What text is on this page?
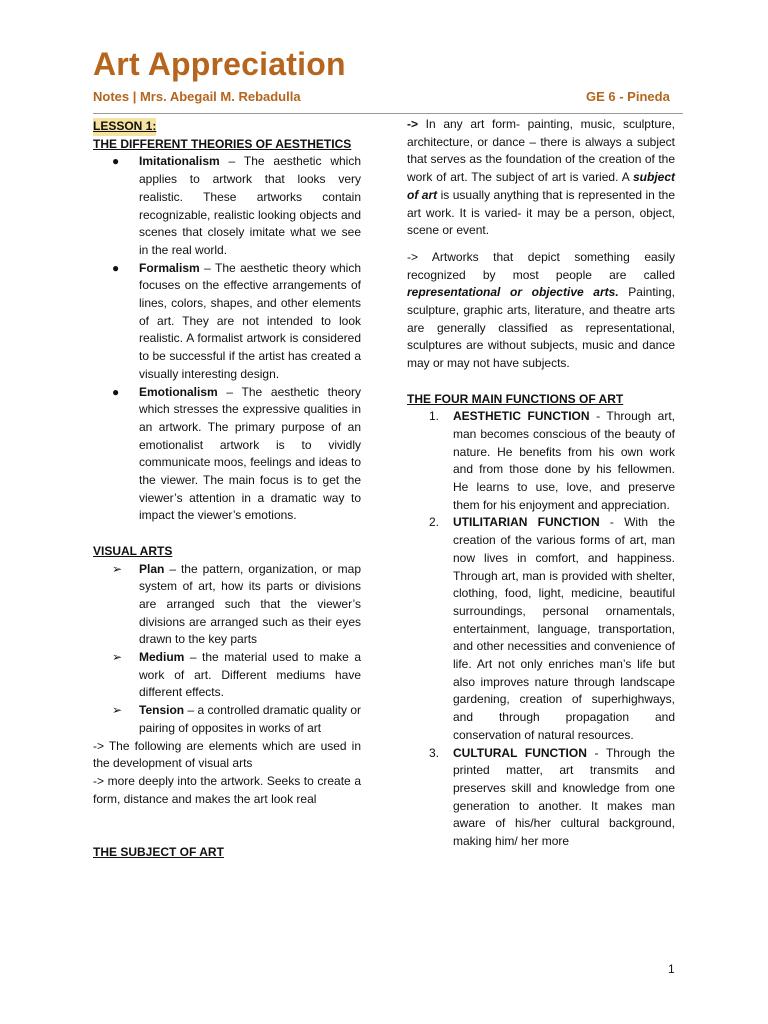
Art Appreciation
Notes | Mrs. Abegail M. Rebadulla	GE 6 - Pineda
LESSON 1:
THE DIFFERENT THEORIES OF AESTHETICS
● Imitationalism – The aesthetic which applies to artwork that looks very realistic. These artworks contain recognizable, realistic looking objects and scenes that closely imitate what we see in the real world.
● Formalism – The aesthetic theory which focuses on the effective arrangements of lines, colors, shapes, and other elements of art. They are not intended to look realistic. A formalist artwork is considered to be successful if the artist has created a visually interesting design.
● Emotionalism – The aesthetic theory which stresses the expressive qualities in an artwork. The primary purpose of an emotionalist artwork is to vividly communicate moos, feelings and ideas to the viewer. The main focus is to get the viewer’s attention in a dramatic way to impact the viewer’s emotions.
VISUAL ARTS
➢ Plan – the pattern, organization, or map system of art, how its parts or divisions are arranged such that the viewer’s divisions are arranged such as their eyes drawn to the key parts
➢ Medium – the material used to make a work of art. Different mediums have different effects.
➢ Tension – a controlled dramatic quality or pairing of opposites in works of art
-> The following are elements which are used in the development of visual arts
-> more deeply into the artwork. Seeks to create a form, distance and makes the art look real
THE SUBJECT OF ART
-> In any art form- painting, music, sculpture, architecture, or dance – there is always a subject that serves as the foundation of the creation of the work of art. The subject of art is varied. A subject of art is usually anything that is represented in the art work. It is varied- it may be a person, object, scene or event.
-> Artworks that depict something easily recognized by most people are called representational or objective arts. Painting, sculpture, graphic arts, literature, and theatre arts are generally classified as representational, sculptures are without subjects, music and dance may or may not have subjects.
THE FOUR MAIN FUNCTIONS OF ART
1. AESTHETIC FUNCTION - Through art, man becomes conscious of the beauty of nature. He benefits from his own work and from those done by his fellowmen. He learns to use, love, and preserve them for his enjoyment and appreciation.
2. UTILITARIAN FUNCTION - With the creation of the various forms of art, man now lives in comfort, and happiness. Through art, man is provided with shelter, clothing, food, light, medicine, beautiful surroundings, personal ornamentals, entertainment, language, transportation, and other necessities and convenience of life. Art not only enriches man’s life but also improves nature through landscape gardening, creation of superhighways, and through propagation and conservation of natural resources.
3. CULTURAL FUNCTION - Through the printed matter, art transmits and preserves skill and knowledge from one generation to another. It makes man aware of his/her cultural background, making him/ her more
1
